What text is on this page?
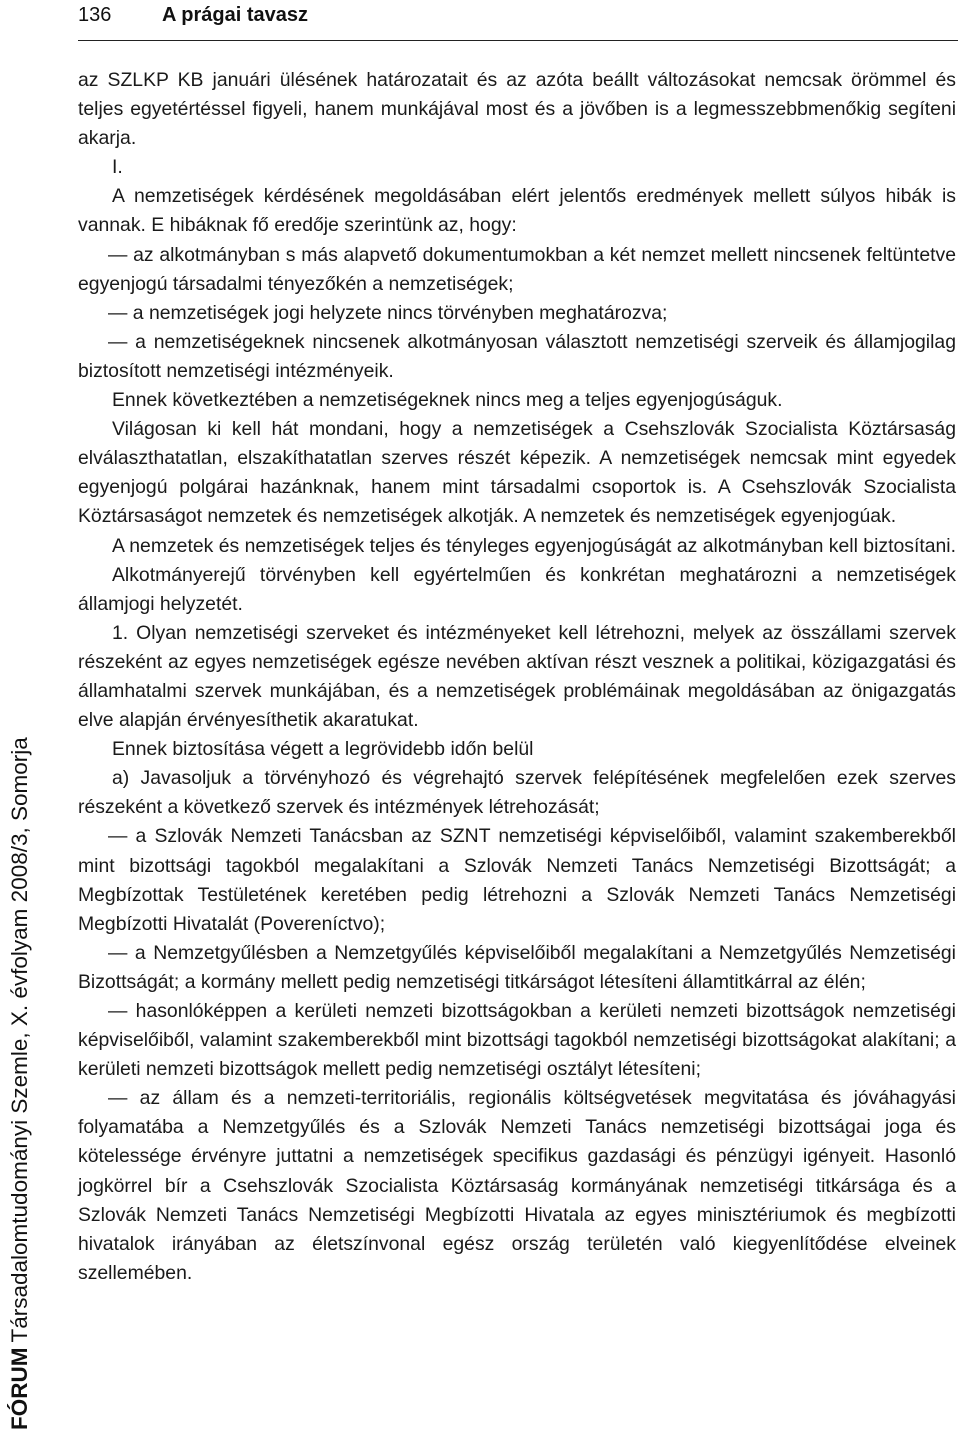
136	A prágai tavasz
FÓRUMTársadalomtudományi Szemle, X. évfolyam 2008/3, Somorja

az SZLKP KB januári ülésének határozatait és az azóta beállt változásokat nemcsak örömmel és teljes egyetértéssel figyeli, hanem munkájával most és a jövőben is a legmesszebbmenőkig segíteni akarja.

I.

A nemzetiségek kérdésének megoldásában elért jelentős eredmények mellett súlyos hibák is vannak. E hibáknak fő eredője szerintünk az, hogy:

— az alkotmányban s más alapvető dokumentumokban a két nemzet mellett nincsenek feltüntetve egyenjogú társadalmi tényezőkén a nemzetiségek;

— a nemzetiségek jogi helyzete nincs törvényben meghatározva;

— a nemzetiségeknek nincsenek alkotmányosan választott nemzetiségi szerveik és államjogilag biztosított nemzetiségi intézményeik.

Ennek következtében a nemzetiségeknek nincs meg a teljes egyenjogúságuk.

Világosan ki kell hát mondani, hogy a nemzetiségek a Csehszlovák Szocialista Köztársaság elválaszthatatlan, elszakíthatatlan szerves részét képezik. A nemzetiségek nemcsak mint egyedek egyenjogú polgárai hazánknak, hanem mint társadalmi csoportok is. A Csehszlovák Szocialista Köztársaságot nemzetek és nemzetiségek alkotják. A nemzetek és nemzetiségek egyenjogúak.

A nemzetek és nemzetiségek teljes és tényleges egyenjogúságát az alkotmányban kell biztosítani.

Alkotmányerejű törvényben kell egyértelműen és konkrétan meghatározni a nemzetiségek államjogi helyzetét.

1. Olyan nemzetiségi szerveket és intézményeket kell létrehozni, melyek az összállami szervek részeként az egyes nemzetiségek egésze nevében aktívan részt vesznek a politikai, közigazgatási és államhatalmi szervek munkájában, és a nemzetiségek problémáinak megoldásában az önigazgatás elve alapján érvényesíthetik akaratukat.

Ennek biztosítása végett a legrövidebb időn belül

a) Javasoljuk a törvényhozó és végrehajtó szervek felépítésének megfelelően ezek szerves részeként a következő szervek és intézmények létrehozását;

— a Szlovák Nemzeti Tanácsban az SZNT nemzetiségi képviselőiből, valamint szakemberekből mint bizottsági tagokból megalakítani a Szlovák Nemzeti Tanács Nemzetiségi Bizottságát; a Megbízottak Testületének keretében pedig létrehozni a Szlovák Nemzeti Tanács Nemzetiségi Megbízotti Hivatalát (Povereníctvo);

— a Nemzetgyűlésben a Nemzetgyűlés képviselőiből megalakítani a Nemzetgyűlés Nemzetiségi Bizottságát; a kormány mellett pedig nemzetiségi titkárságot létesíteni államtitkárral az élén;

— hasonlóképpen a kerületi nemzeti bizottságokban a kerületi nemzeti bizottságok nemzetiségi képviselőiből, valamint szakemberekből mint bizottsági tagokból nemzetiségi bizottságokat alakítani; a kerületi nemzeti bizottságok mellett pedig nemzetiségi osztályt létesíteni;

— az állam és a nemzeti-territoriális, regionális költségvetések megvitatása és jóváhagyási folyamatába a Nemzetgyűlés és a Szlovák Nemzeti Tanács nemzetiségi bizottságai joga és kötelessége érvényre juttatni a nemzetiségek specifikus gazdasági és pénzügyi igényeit. Hasonló jogkörrel bír a Csehszlovák Szocialista Köztársaság kormányának nemzetiségi titkársága és a Szlovák Nemzeti Tanács Nemzetiségi Megbízotti Hivatala az egyes minisztériumok és megbízotti hivatalok irányában az életszínvonal egész ország területén való kiegyenlítődése elveinek szellemében.
